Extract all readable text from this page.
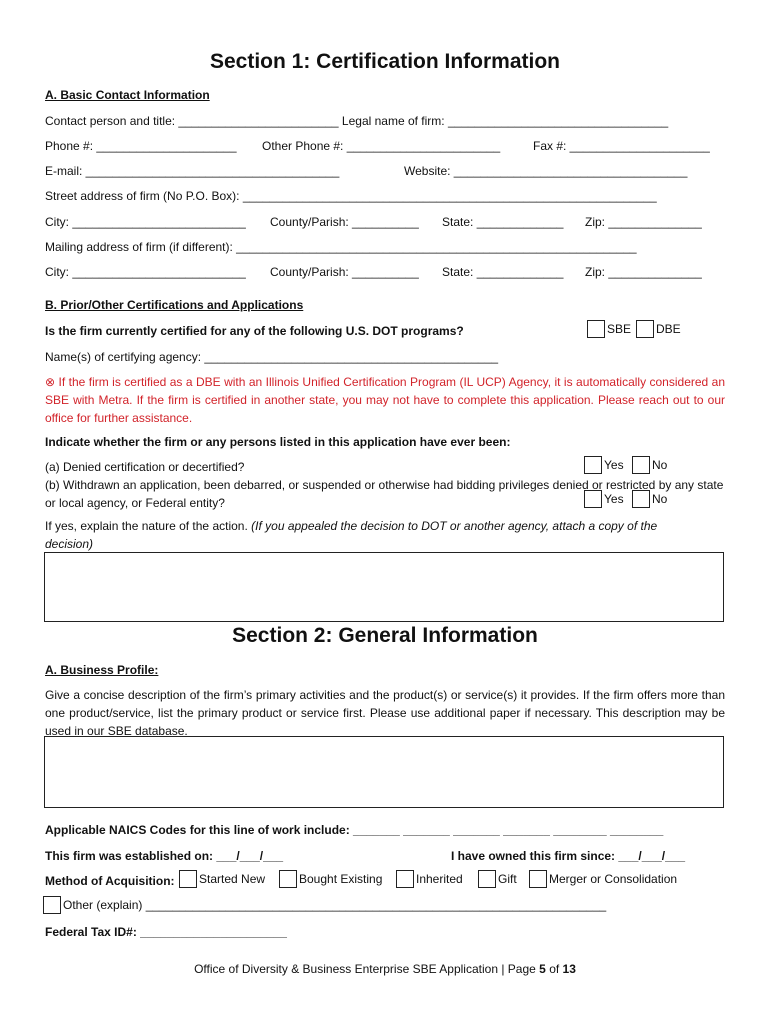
Section 1: Certification Information
A. Basic Contact Information
Contact person and title: ________________________ Legal name of firm: _________________________________
Phone #: _____________________ Other Phone #: _______________________	Fax #: _____________________
E-mail: ______________________________________	Website: ___________________________________
Street address of firm (No P.O. Box): ______________________________________________________________
City: __________________________ County/Parish: __________ State: _____________ Zip: ______________
Mailing address of firm (if different): ____________________________________________________________
City: __________________________ County/Parish: __________ State: _____________ Zip: ______________
B. Prior/Other Certifications and Applications
Is the firm currently certified for any of the following U.S. DOT programs?	SBE	DBE
Name(s) of certifying agency: ____________________________________________
⊗ If the firm is certified as a DBE with an Illinois Unified Certification Program (IL UCP) Agency, it is automatically considered an SBE with Metra. If the firm is certified in another state, you may not have to complete this application. Please reach out to our office for further assistance.
Indicate whether the firm or any persons listed in this application have ever been:
(a) Denied certification or decertified?	Yes	No
(b) Withdrawn an application, been debarred, or suspended or otherwise had bidding privileges denied or restricted by any state or local agency, or Federal entity?	Yes	No
If yes, explain the nature of the action. (If you appealed the decision to DOT or another agency, attach a copy of the decision)
Section 2: General Information
A. Business Profile:
Give a concise description of the firm’s primary activities and the product(s) or service(s) it provides. If the firm offers more than one product/service, list the primary product or service first. Please use additional paper if necessary. This description may be used in our SBE database.
Applicable NAICS Codes for this line of work include: _______ _______ _______ _______ ________ ________
This firm was established on: ___/___/___	I have owned this firm since: ___/___/___
Method of Acquisition:	Started New	Bought Existing	Inherited	Gift	Merger or Consolidation
Other (explain) _____________________________________________________________________
Federal Tax ID#: ______________________
Office of Diversity & Business Enterprise SBE Application | Page 5 of 13
